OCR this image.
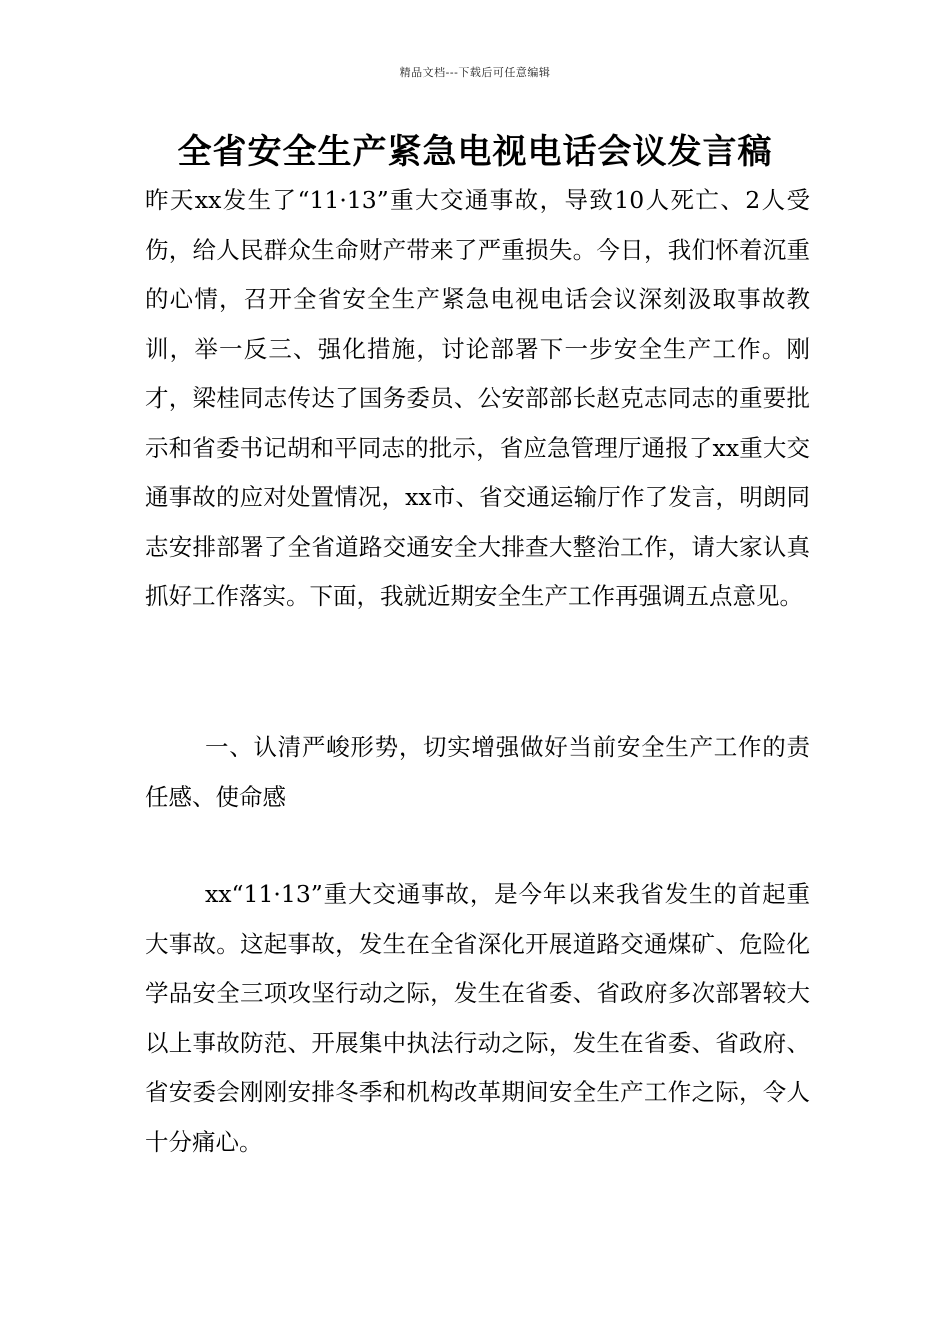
精品文档---下载后可任意编辑
全省安全生产紧急电视电话会议发言稿

昨天xx发生了“11·13”重大交通事故，导致10人死亡、2人受伤，给人民群众生命财产带来了严重损失。今日，我们怀着沉重的心情，召开全省安全生产紧急电视电话会议深刻汲取事故教训，举一反三、强化措施，讨论部署下一步安全生产工作。刚才，梁桂同志传达了国务委员、公安部部长赵克志同志的重要批示和省委书记胡和平同志的批示，省应急管理厅通报了xx重大交通事故的应对处置情况，xx市、省交通运输厅作了发言，明朗同志安排部署了全省道路交通安全大排查大整治工作，请大家认真抓好工作落实。下面，我就近期安全生产工作再强调五点意见。

一、认清严峻形势，切实增强做好当前安全生产工作的责任感、使命感

xx“11·13”重大交通事故，是今年以来我省发生的首起重大事故。这起事故，发生在全省深化开展道路交通煤矿、危险化学品安全三项攻坚行动之际，发生在省委、省政府多次部署较大以上事故防范、开展集中执法行动之际，发生在省委、省政府、省安委会刚刚安排冬季和机构改革期间安全生产工作之际，令人十分痛心。
